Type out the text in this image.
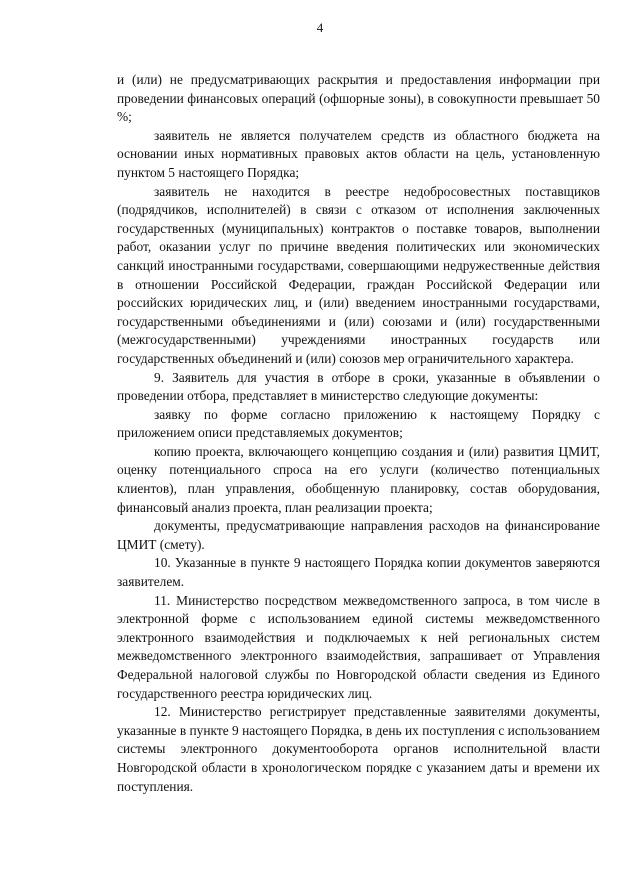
4

и (или) не предусматривающих раскрытия и предоставления информации при проведении финансовых операций (офшорные зоны), в совокупности превышает 50 %;

заявитель не является получателем средств из областного бюджета на основании иных нормативных правовых актов области на цель, установленную пунктом 5 настоящего Порядка;

заявитель не находится в реестре недобросовестных поставщиков (подрядчиков, исполнителей) в связи с отказом от исполнения заключенных государственных (муниципальных) контрактов о поставке товаров, выполнении работ, оказании услуг по причине введения политических или экономических санкций иностранными государствами, совершающими недружественные действия в отношении Российской Федерации, граждан Российской Федерации или российских юридических лиц, и (или) введением иностранными государствами, государственными объединениями и (или) союзами и (или) государственными (межгосударственными) учреждениями иностранных государств или государственных объединений и (или) союзов мер ограничительного характера.

9. Заявитель для участия в отборе в сроки, указанные в объявлении о проведении отбора, представляет в министерство следующие документы:

заявку по форме согласно приложению к настоящему Порядку с приложением описи представляемых документов;

копию проекта, включающего концепцию создания и (или) развития ЦМИТ, оценку потенциального спроса на его услуги (количество потенциальных клиентов), план управления, обобщенную планировку, состав оборудования, финансовый анализ проекта, план реализации проекта;

документы, предусматривающие направления расходов на финансирование ЦМИТ (смету).

10. Указанные в пункте 9 настоящего Порядка копии документов заверяются заявителем.

11. Министерство посредством межведомственного запроса, в том числе в электронной форме с использованием единой системы межведомственного электронного взаимодействия и подключаемых к ней региональных систем межведомственного электронного взаимодействия, запрашивает от Управления Федеральной налоговой службы по Новгородской области сведения из Единого государственного реестра юридических лиц.

12. Министерство регистрирует представленные заявителями документы, указанные в пункте 9 настоящего Порядка, в день их поступления с использованием системы электронного документооборота органов исполнительной власти Новгородской области в хронологическом порядке с указанием даты и времени их поступления.
